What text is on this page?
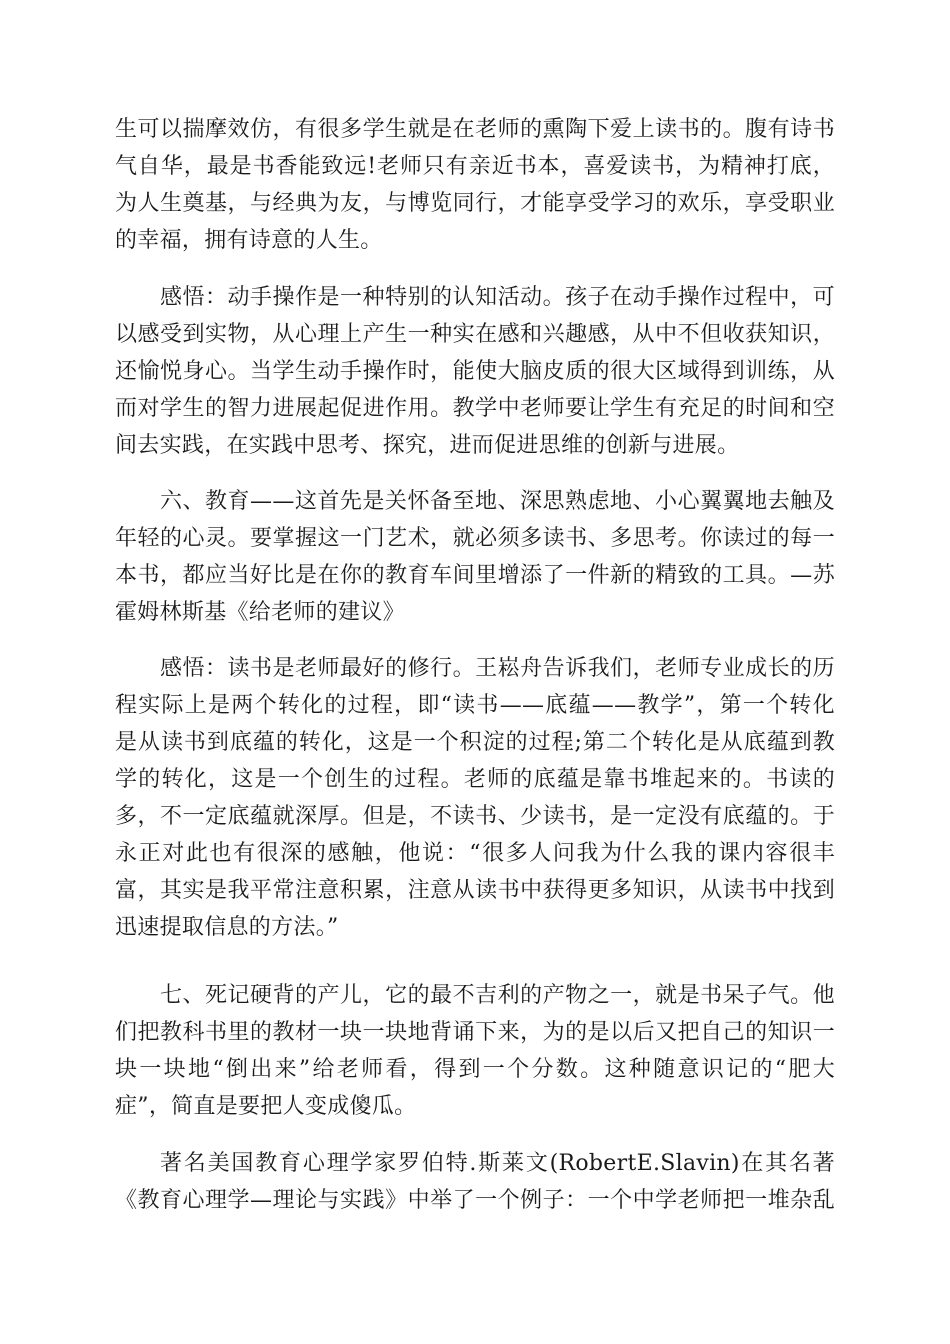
生可以揣摩效仿，有很多学生就是在老师的熏陶下爱上读书的。腹有诗书
气自华，最是书香能致远!老师只有亲近书本，喜爱读书，为精神打底，
为人生奠基，与经典为友，与博览同行，才能享受学习的欢乐，享受职业
的幸福，拥有诗意的人生。

感悟：动手操作是一种特别的认知活动。孩子在动手操作过程中，可
以感受到实物，从心理上产生一种实在感和兴趣感，从中不但收获知识，
还愉悦身心。当学生动手操作时，能使大脑皮质的很大区域得到训练，从
而对学生的智力进展起促进作用。教学中老师要让学生有充足的时间和空
间去实践，在实践中思考、探究，进而促进思维的创新与进展。

六、教育——这首先是关怀备至地、深思熟虑地、小心翼翼地去触及
年轻的心灵。要掌握这一门艺术，就必须多读书、多思考。你读过的每一
本书，都应当好比是在你的教育车间里增添了一件新的精致的工具。—苏
霍姆林斯基《给老师的建议》

感悟：读书是老师最好的修行。王崧舟告诉我们，老师专业成长的历
程实际上是两个转化的过程，即“读书——底蕴——教学”，第一个转化
是从读书到底蕴的转化，这是一个积淀的过程;第二个转化是从底蕴到教
学的转化，这是一个创生的过程。老师的底蕴是靠书堆起来的。书读的
多，不一定底蕴就深厚。但是，不读书、少读书，是一定没有底蕴的。于
永正对此也有很深的感触，他说：“很多人问我为什么我的课内容很丰
富，其实是我平常注意积累，注意从读书中获得更多知识，从读书中找到
迅速提取信息的方法。”

七、死记硬背的产儿，它的最不吉利的产物之一，就是书呆子气。他
们把教科书里的教材一块一块地背诵下来，为的是以后又把自己的知识一
块一块地“倒出来”给老师看，得到一个分数。这种随意识记的“肥大
症”，简直是要把人变成傻瓜。

著名美国教育心理学家罗伯特.斯莱文(RobertE.Slavin)在其名著
《教育心理学—理论与实践》中举了一个例子：一个中学老师把一堆杂乱
